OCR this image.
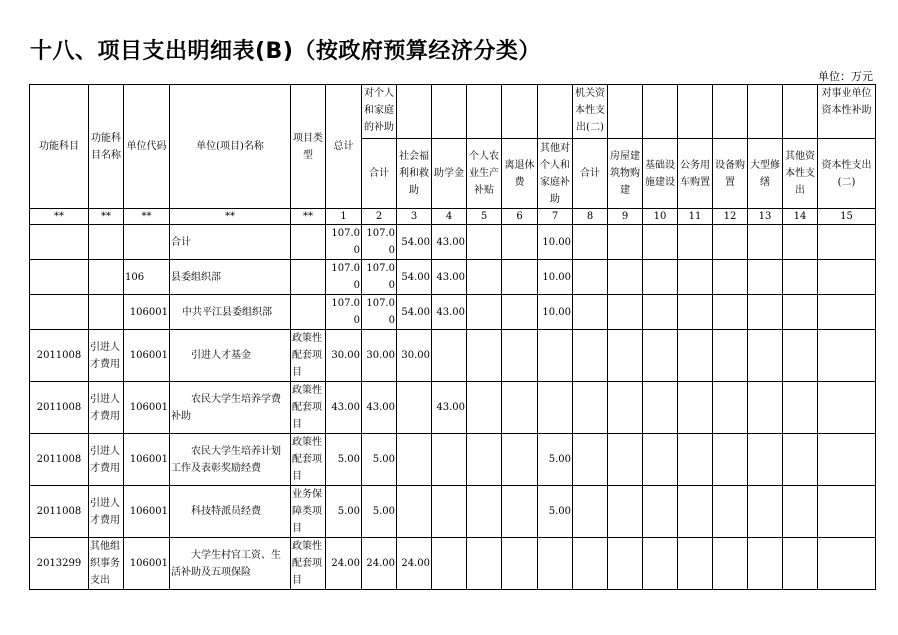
十八、项目支出明细表(B)（按政府预算经济分类）
单位：万元
功能科目	功能科目名称	单位代码	单位(项目)名称	项目类型	总计	对个人和家庭的补助						机关资本性支出(二)							对事业单位资本性补助
						合计	社会福利和救助	助学金	个人农业生产补贴	离退休费	其他对个人和家庭补助	合计	房屋建筑物购建	基础设施建设	公务用车购置	设备购置	大型修缮	其他资本性支出	资本性支出(二)
**	**	**	**	**	1	2	3	4	5	6	7	8	9	10	11	12	13	14	15
			合计		107.00	107.00	54.00	43.00			10.00								
		106	县委组织部		107.00	107.00	54.00	43.00			10.00								
		106001	中共平江县委组织部		107.00	107.00	54.00	43.00			10.00								
2011008	引进人才费用	106001	引进人才基金	政策性配套项目	30.00	30.00	30.00												
2011008	引进人才费用	106001	农民大学生培养学费补助	政策性配套项目	43.00	43.00		43.00											
2011008	引进人才费用	106001	农民大学生培养计划工作及表彰奖励经费	政策性配套项目	5.00	5.00					5.00								
2011008	引进人才费用	106001	科技特派员经费	业务保障类项目	5.00	5.00					5.00								
2013299	其他组织事务支出	106001	大学生村官工资、生活补助及五项保险	政策性配套项目	24.00	24.00	24.00												
